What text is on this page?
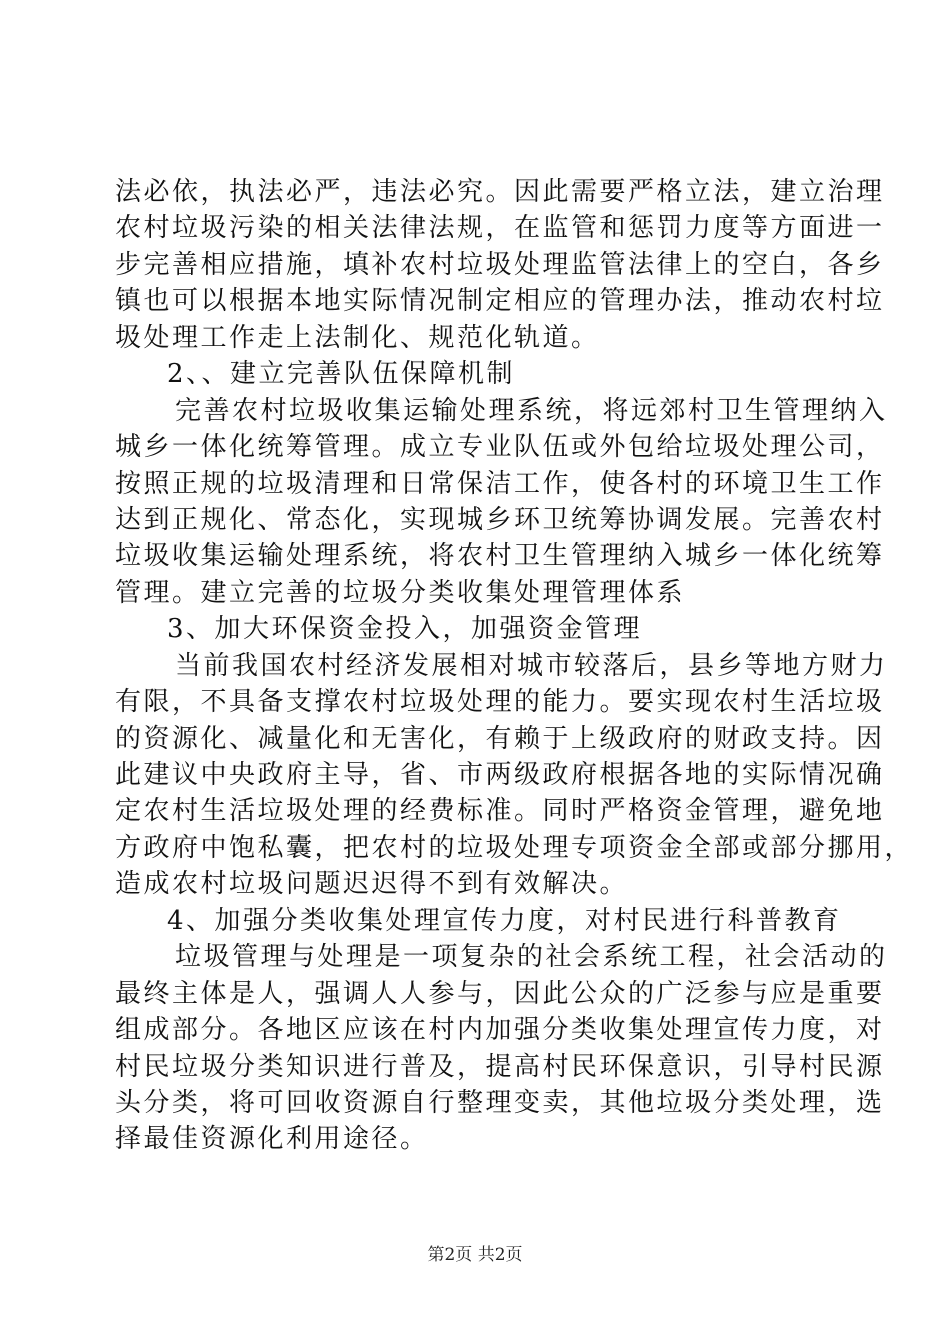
法必依，执法必严，违法必究。因此需要严格立法，建立治理
农村垃圾污染的相关法律法规，在监管和惩罚力度等方面进一
步完善相应措施，填补农村垃圾处理监管法律上的空白，各乡
镇也可以根据本地实际情况制定相应的管理办法，推动农村垃
圾处理工作走上法制化、规范化轨道。
2、、建立完善队伍保障机制
完善农村垃圾收集运输处理系统，将远郊村卫生管理纳入
城乡一体化统筹管理。成立专业队伍或外包给垃圾处理公司，
按照正规的垃圾清理和日常保洁工作，使各村的环境卫生工作
达到正规化、常态化，实现城乡环卫统筹协调发展。完善农村
垃圾收集运输处理系统，将农村卫生管理纳入城乡一体化统筹
管理。建立完善的垃圾分类收集处理管理体系
3、加大环保资金投入，加强资金管理
当前我国农村经济发展相对城市较落后，县乡等地方财力
有限，不具备支撑农村垃圾处理的能力。要实现农村生活垃圾
的资源化、减量化和无害化，有赖于上级政府的财政支持。因
此建议中央政府主导，省、市两级政府根据各地的实际情况确
定农村生活垃圾处理的经费标准。同时严格资金管理，避免地
方政府中饱私囊，把农村的垃圾处理专项资金全部或部分挪用，
造成农村垃圾问题迟迟得不到有效解决。
4、加强分类收集处理宣传力度，对村民进行科普教育
垃圾管理与处理是一项复杂的社会系统工程，社会活动的
最终主体是人，强调人人参与，因此公众的广泛参与应是重要
组成部分。各地区应该在村内加强分类收集处理宣传力度，对
村民垃圾分类知识进行普及，提高村民环保意识，引导村民源
头分类，将可回收资源自行整理变卖，其他垃圾分类处理，选
择最佳资源化利用途径。
第2页 共2页
